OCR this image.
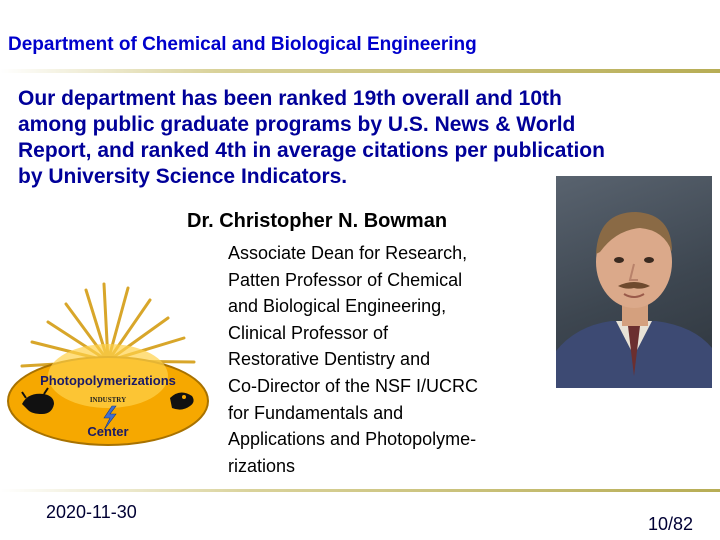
Department of Chemical and Biological Engineering
Our department has been ranked 19th overall and 10th
among public graduate programs by U.S. News & World
Report, and ranked 4th in average citations per publication
by University Science Indicators.
Photopolymerizations
INDUSTRY
Center
Dr. Christopher N. Bowman
Associate Dean for Research,
Patten Professor of Chemical
and Biological Engineering,
Clinical Professor of
Restorative Dentistry and
Co-Director of the NSF I/UCRC
for Fundamentals and
Applications and Photopolyme-
rizations
2020-11-30
10/82
